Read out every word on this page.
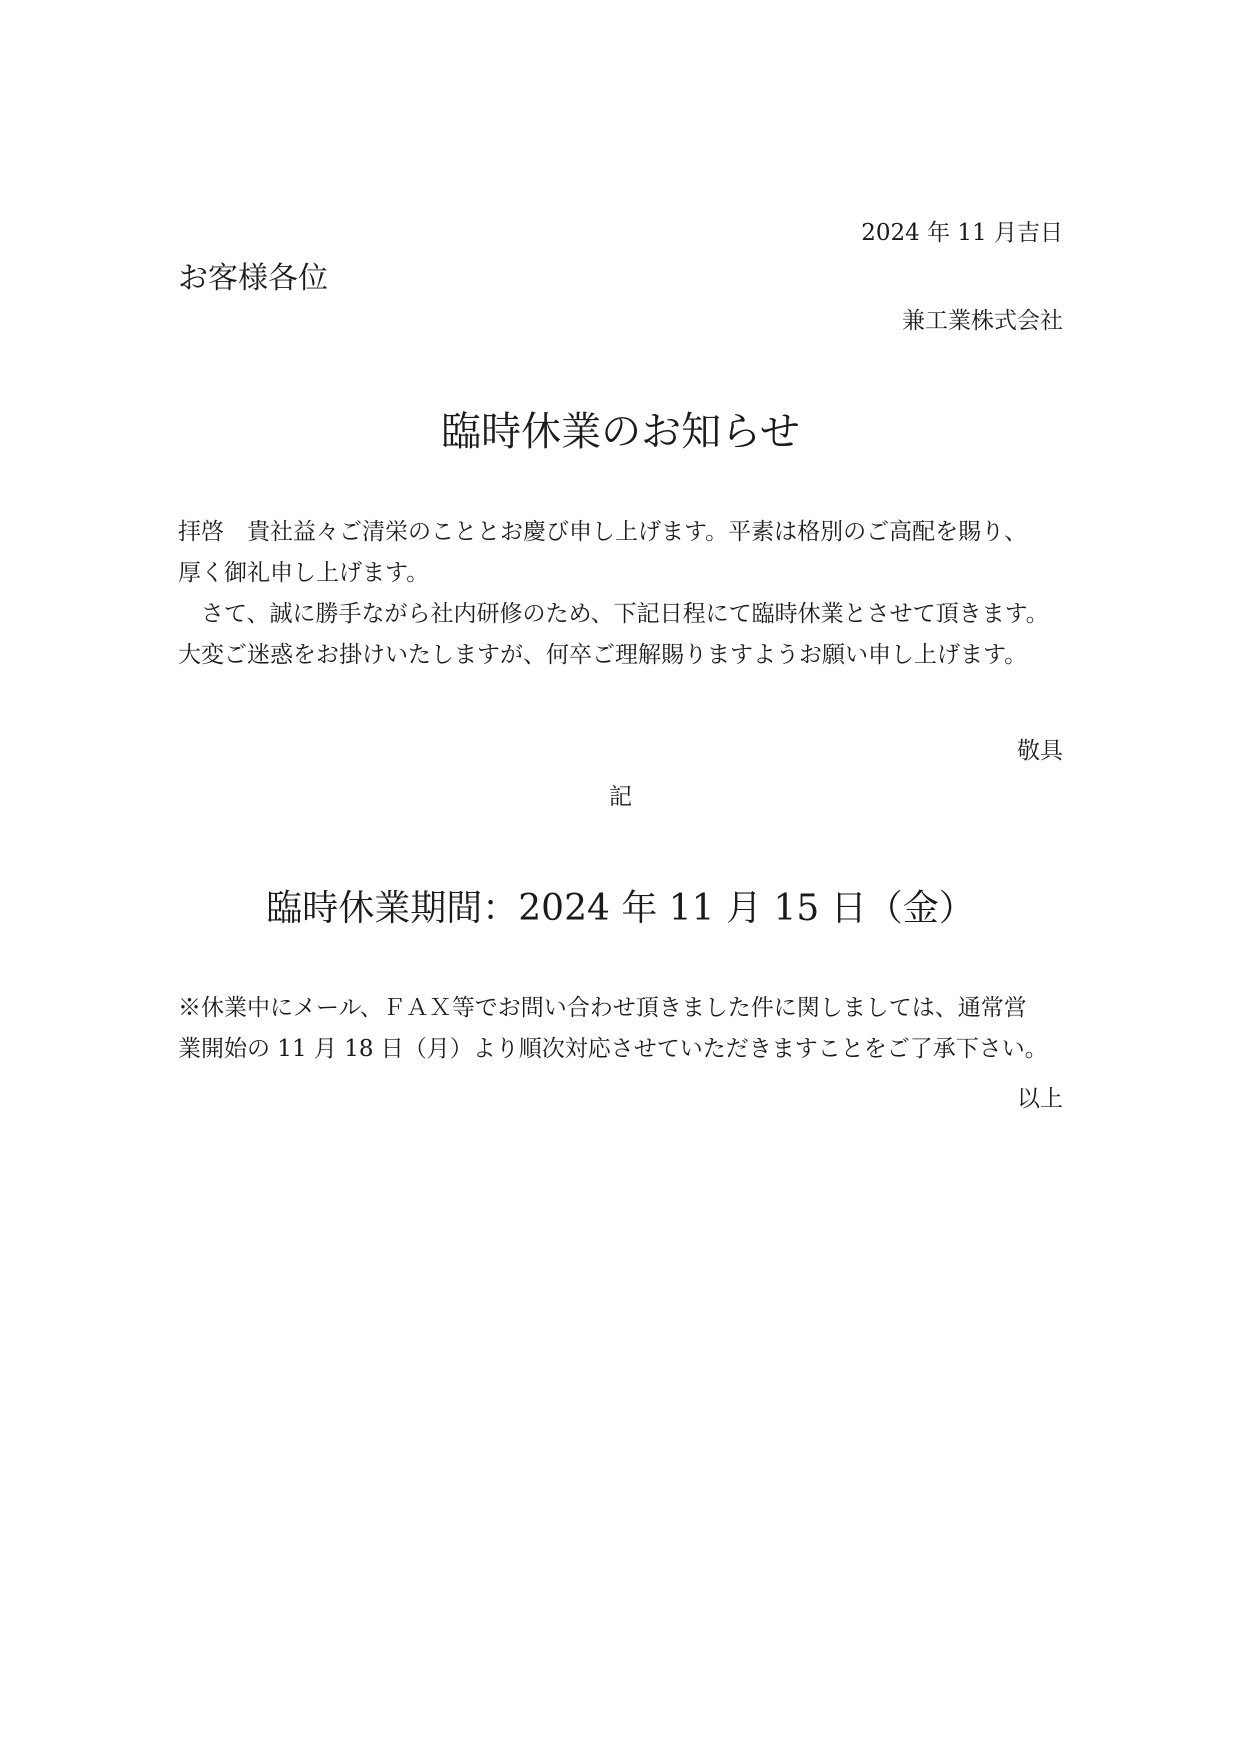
2024 年 11 月吉日
お客様各位
兼工業株式会社
臨時休業のお知らせ

拝啓　貴社益々ご清栄のこととお慶び申し上げます。平素は格別のご高配を賜り、

厚く御礼申し上げます。

　さて、誠に勝手ながら社内研修のため、下記日程にて臨時休業とさせて頂きます。

大変ご迷惑をお掛けいたしますが、何卒ご理解賜りますようお願い申し上げます。

敬具
記
臨時休業期間：2024 年 11 月 15 日（金）

※休業中にメール、ＦＡＸ等でお問い合わせ頂きました件に関しましては、通常営

業開始の 11 月 18 日（月）より順次対応させていただきますことをご了承下さい。

以上
